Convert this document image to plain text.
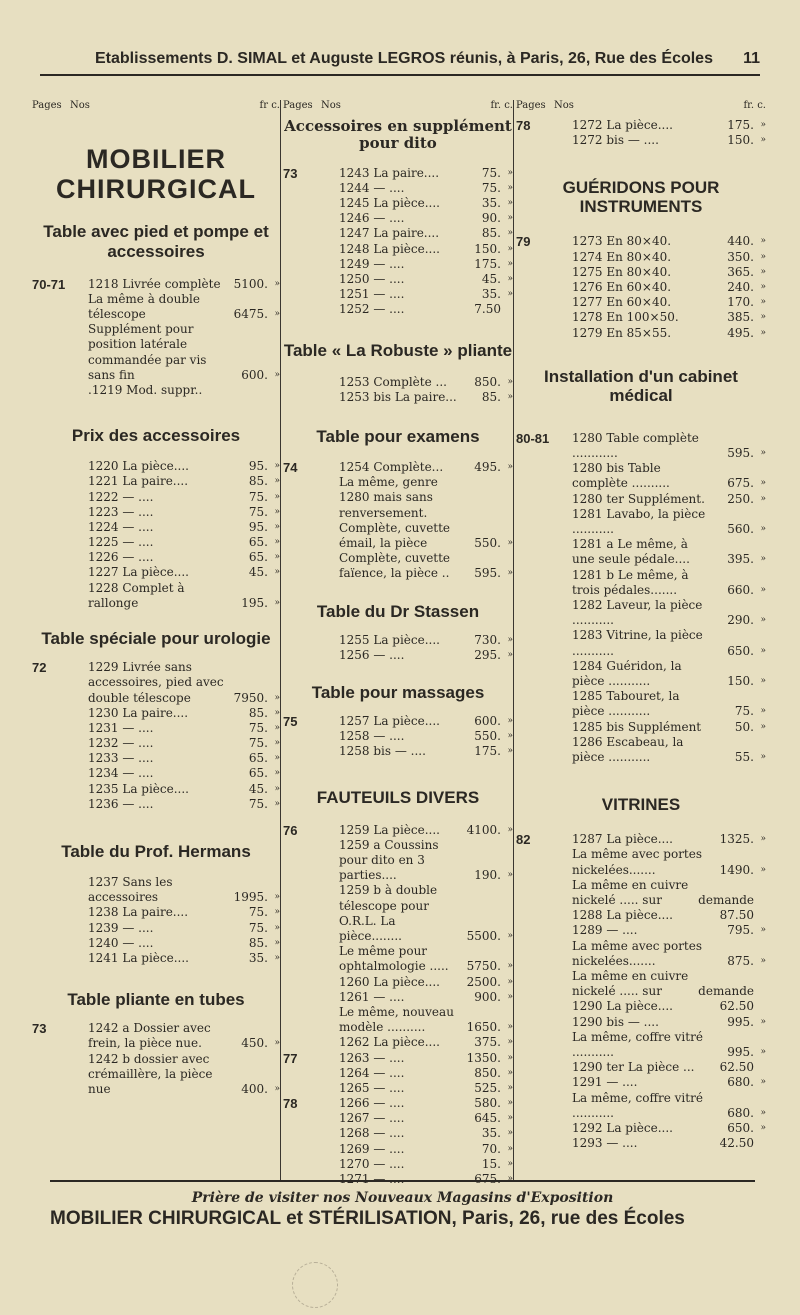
Etablissements D. SIMAL et Auguste LEGROS réunis, à Paris, 26, Rue des Écoles 11
Pages Nos	fr c.
MOBILIER CHIRURGICAL
Table avec pied et pompe et accessoires
70-71 1218 Livrée complète 5100. »
La même à double télescope	6475. »
Supplément pour position latérale commandée par vis sans fin	600. »
.1219 Mod. suppr..
Prix des accessoires
1220 La pièce....	95. »
1221 La paire....	85. »
1222 — ....	75. »
1223 — ....	75. »
1224 — ....	95. »
1225 — ....	65. »
1226 — ....	65. »
1227 La pièce....	45. »
1228 Complet à rallonge	195. »
Table spéciale pour urologie
72	1229 Livrée sans accessoires, pied avec double télescope	7950. »
1230 La paire....	85. »
1231 — ....	75. »
1232 — ....	75. »
1233 — ....	65. »
1234 — ....	65. »
1235 La pièce....	45. »
1236 — ....	75. »
Table du Prof. Hermans
1237 Sans les accessoires	1995. »
1238 La paire....	75. »
1239 — ....	75. »
1240 — ....	85. »
1241 La pièce....	35. »
Table pliante en tubes
73	1242 a Dossier avec frein, la pièce nue.	450. »
1242 b dossier avec crémaillère, la pièce nue	400. »
Pages Nos	fr. c.
Accessoires en supplément pour dito
73	1243 La paire....	75. »
1244 — ....	75. »
1245 La pièce....	35. »
1246 — ....	90. »
1247 La paire....	85. »
1248 La pièce....	150. »
1249 — ....	175. »
1250 — ....	45. »
1251 — ....	35. »
1252 — ....	7.50
Table « La Robuste » pliante
1253 Complète ... 850. »
1253 bis La paire... 85. »
Table pour examens
74	1254 Complète...	495. »
La même, genre 1280 mais sans renversement. Complète, cuvette émail, la pièce	550. »
Complète, cuvette faïence, la pièce ..	595. »
Table du Dr Stassen
1255 La pièce....	730. »
1256 — ....	295. »
Table pour massages
75	1257 La pièce....	600. »
1258 — ....	550. »
1258 bis — ....	175. »
FAUTEUILS DIVERS
76	1259 La pièce.... 4100. »
1259 a Coussins pour dito en 3 parties....	190. »
1259 b à double télescope pour O.R.L. La pièce........	5500. »
Le même pour ophtalmologie .....	5750. »
1260 La pièce.... 2500. »
1261 — ....	900. »
Le même, nouveau modèle ..........	1650. »
1262 La pièce....	375. »
77	1263 — ....	1350. »
1264 — ....	850. »
1265 — ....	525. »
78	1266 — ....	580. »
1267 — ....	645. »
1268 — ....	35. »
1269 — ....	70. »
1270 — ....	15. »
1271 — ....	675. »
Pages Nos	fr. c.
78	1272 La pièce....	175. »
1272 bis — ....	150. »
GUÉRIDONS POUR INSTRUMENTS
79	1273 En 80×40.	440. »
1274 En 80×40.	350. »
1275 En 80×40.	365. »
1276 En 60×40.	240. »
1277 En 60×40.	170. »
1278 En 100×50.	385. »
1279 En 85×55.	495. »
Installation d'un cabinet médical
80-81 1280 Table complète ............	595. »
1280 bis Table complète ..........	675. »
1280 ter Supplément. 250. »
1281 Lavabo, la pièce ...........	560. »
1281 a Le même, à une seule pédale....	395. »
1281 b Le même, à trois pédales.......	660. »
1282 Laveur, la pièce ...........	290. »
1283 Vitrine, la pièce ...........	650. »
1284 Guéridon, la pièce ...........	150. »
1285 Tabouret, la pièce ...........	75. »
1285 bis Supplément	50. »
1286 Escabeau, la pièce ...........	55. »
VITRINES
82	1287 La pièce....	1325. »
La même avec portes nickelées.......	1490. »
La même en cuivre nickelé ..... sur	demande
1288 La pièce....	87.50
1289 — ....	795. »
La même avec portes nickelées.......	875. »
La même en cuivre nickelé ..... sur	demande
1290 La pièce....	62.50
1290 bis — ....	995. »
La même, coffre vitré ...........	995. »
1290 ter La pièce ... 62.50
1291 — ....	680. »
La même, coffre vitré ...........	680. »
1292 La pièce....	650. »
1293 — ....	42.50
Prière de visiter nos Nouveaux Magasins d'Exposition
MOBILIER CHIRURGICAL et STÉRILISATION, Paris, 26, rue des Écoles
